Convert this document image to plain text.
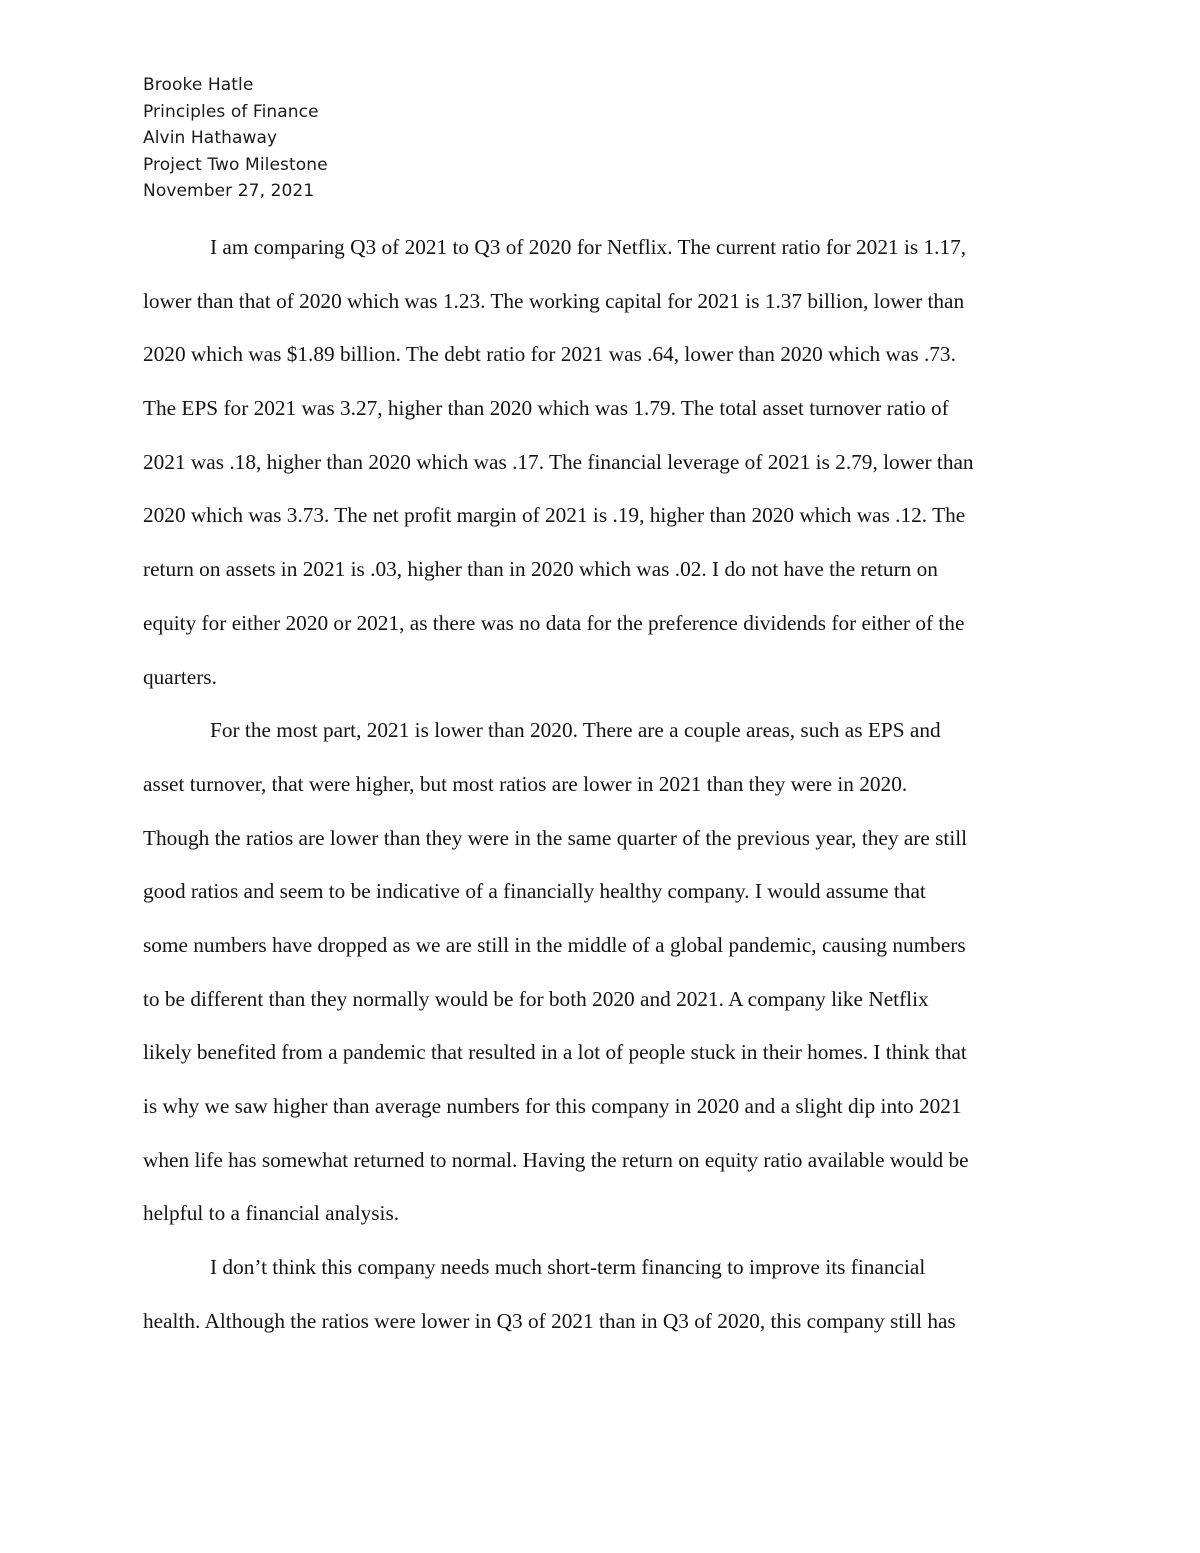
Brooke Hatle
Principles of Finance
Alvin Hathaway
Project Two Milestone
November 27, 2021
I am comparing Q3 of 2021 to Q3 of 2020 for Netflix. The current ratio for 2021 is 1.17,
lower than that of 2020 which was 1.23. The working capital for 2021 is 1.37 billion, lower than
2020 which was $1.89 billion. The debt ratio for 2021 was .64, lower than 2020 which was .73.
The EPS for 2021 was 3.27, higher than 2020 which was 1.79. The total asset turnover ratio of
2021 was .18, higher than 2020 which was .17. The financial leverage of 2021 is 2.79, lower than
2020 which was 3.73. The net profit margin of 2021 is .19, higher than 2020 which was .12. The
return on assets in 2021 is .03, higher than in 2020 which was .02. I do not have the return on
equity for either 2020 or 2021, as there was no data for the preference dividends for either of the
quarters.
For the most part, 2021 is lower than 2020. There are a couple areas, such as EPS and
asset turnover, that were higher, but most ratios are lower in 2021 than they were in 2020.
Though the ratios are lower than they were in the same quarter of the previous year, they are still
good ratios and seem to be indicative of a financially healthy company. I would assume that
some numbers have dropped as we are still in the middle of a global pandemic, causing numbers
to be different than they normally would be for both 2020 and 2021. A company like Netflix
likely benefited from a pandemic that resulted in a lot of people stuck in their homes. I think that
is why we saw higher than average numbers for this company in 2020 and a slight dip into 2021
when life has somewhat returned to normal. Having the return on equity ratio available would be
helpful to a financial analysis.
I don’t think this company needs much short-term financing to improve its financial
health. Although the ratios were lower in Q3 of 2021 than in Q3 of 2020, this company still has
